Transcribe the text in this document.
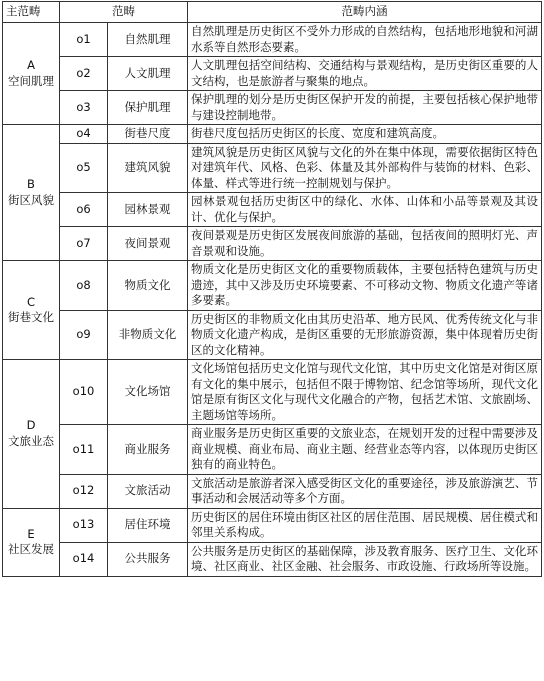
主范畴	范畴		范畴内涵

A
空间肌理	o1	自然肌理	自然肌理是历史街区不受外力形成的自然结构，包括地形地貌和河湖水系等自然形态要素。
	o2	人文肌理	人文肌理包括空间结构、交通结构与景观结构，是历史街区重要的人文结构，也是旅游者与聚集的地点。
	o3	保护肌理	保护肌理的划分是历史街区保护开发的前提，主要包括核心保护地带与建设控制地带。

B
街区风貌	o4	街巷尺度	街巷尺度包括历史街区的长度、宽度和建筑高度。
	o5	建筑风貌	建筑风貌是历史街区风貌与文化的外在集中体现，需要依据街区特色对建筑年代、风格、色彩、体量及其外部构件与装饰的材料、色彩、体量、样式等进行统一控制规划与保护。
	o6	园林景观	园林景观包括历史街区中的绿化、水体、山体和小品等景观及其设计、优化与保护。
	o7	夜间景观	夜间景观是历史街区发展夜间旅游的基础，包括夜间的照明灯光、声音景观和设施。

C
街巷文化	o8	物质文化	物质文化是历史街区文化的重要物质载体，主要包括特色建筑与历史遗迹，其中又涉及历史环境要素、不可移动文物、物质文化遗产等诸多要素。
	o9	非物质文化	历史街区的非物质文化由其历史沿革、地方民风、优秀传统文化与非物质文化遗产构成，是街区重要的无形旅游资源，集中体现着历史街区的文化精神。

D
文旅业态	o10	文化场馆	文化场馆包括历史文化馆与现代文化馆，其中历史文化馆是对街区原有文化的集中展示，包括但不限于博物馆、纪念馆等场所，现代文化馆是原有街区文化与现代文化融合的产物，包括艺术馆、文旅剧场、主题场馆等场所。
	o11	商业服务	商业服务是历史街区重要的文旅业态，在规划开发的过程中需要涉及商业规模、商业布局、商业主题、经营业态等内容，以体现历史街区独有的商业特色。
	o12	文旅活动	文旅活动是旅游者深入感受街区文化的重要途径，涉及旅游演艺、节事活动和会展活动等多个方面。

E
社区发展	o13	居住环境	历史街区的居住环境由街区社区的居住范围、居民规模、居住模式和邻里关系构成。
	o14	公共服务	公共服务是历史街区的基础保障，涉及教育服务、医疗卫生、文化环境、社区商业、社区金融、社会服务、市政设施、行政场所等设施。
